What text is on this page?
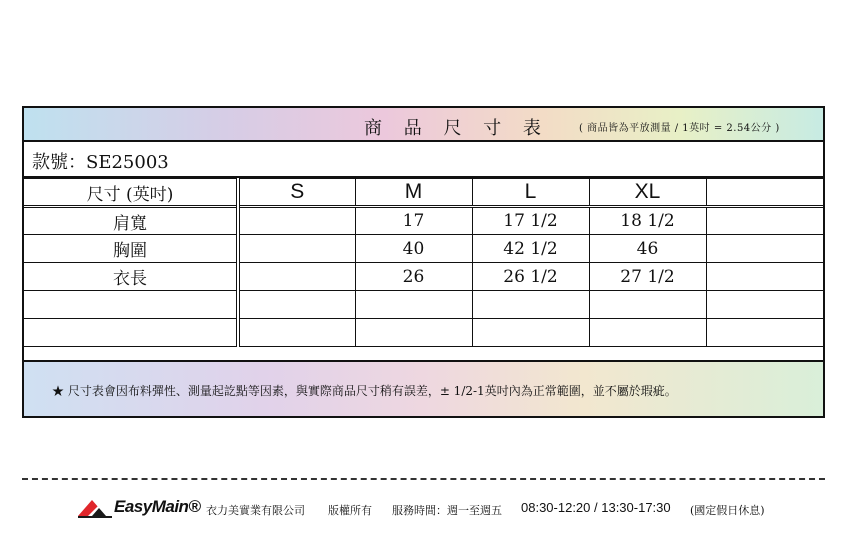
商 品 尺 寸 表	( 商品皆為平放測量 / 1英吋 = 2.54公分 )
款號：SE25003
尺寸 (英吋)	S	M	L	XL	
肩寬		17	17 1/2	18 1/2	
胸圍		40	42 1/2	46	
衣長		26	26 1/2	27 1/2	

★ 尺寸表會因布料彈性、測量起訖點等因素，與實際商品尺寸稍有誤差，± 1/2-1英吋內為正常範圍，並不屬於瑕疵。
EasyMain® 衣力美實業有限公司 版權所有 服務時間：週一至週五 08:30-12:20 / 13:30-17:30 (國定假日休息)
